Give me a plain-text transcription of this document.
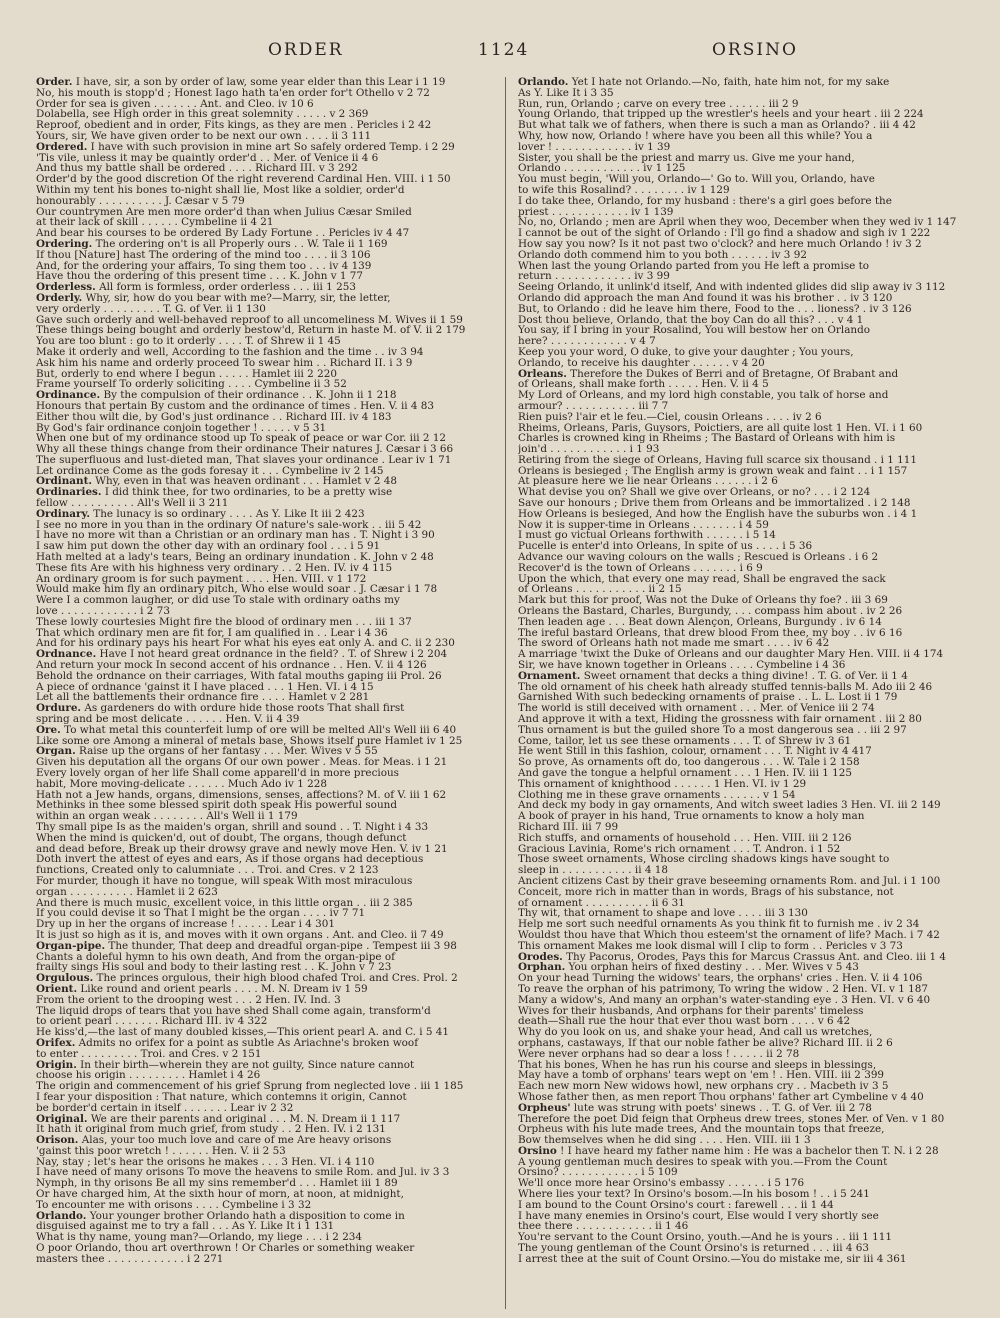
ORDER	1124	ORSINO
Order. I have, sir, a son by order of law, some year elder than this Lear i 1 19
No, his mouth is stopp'd ; Honest Iago hath ta'en order for't Othello v 2 72
Order for sea is given . . . . . . . Ant. and Cleo. iv 10 6
Dolabella, see High order in this great solemnity . . . . . v 2 369
Reproof, obedient and in order, Fits kings, as they are men . Pericles i 2 42
Yours, sir, We have given order to be next our own . . . . ii 3 111
Ordered. I have with such provision in mine art So safely ordered Temp. i 2 29
'Tis vile, unless it may be quaintly order'd . . Mer. of Venice ii 4 6
And thus my battle shall be ordered . . . . Richard III. v 3 292
Order'd by the good discretion Of the right reverend Cardinal Hen. VIII. i 1 50
Within my tent his bones to-night shall lie, Most like a soldier, order'd
honourably . . . . . . . . . . J. Cæsar v 5 79
Our countrymen Are men more order'd than when Julius Cæsar Smiled
at their lack of skill . . . . . . Cymbeline ii 4 21
And bear his courses to be ordered By Lady Fortune . . Pericles iv 4 47
Ordering. The ordering on't is all Properly ours . . W. Tale ii 1 169
If thou [Nature] hast The ordering of the mind too . . . . ii 3 106
And, for the ordering your affairs, To sing them too . . . iv 4 139
Have thou the ordering of this present time . . . K. John v 1 77
Orderless. All form is formless, order orderless . . . iii 1 253
Orderly. Why, sir, how do you bear with me?—Marry, sir, the letter,
very orderly . . . . . . . . . T. G. of Ver. ii 1 130
Gave such orderly and well-behaved reproof to all uncomeliness M. Wives ii 1 59
These things being bought and orderly bestow'd, Return in haste M. of V. ii 2 179
You are too blunt : go to it orderly . . . . T. of Shrew ii 1 45
Make it orderly and well, According to the fashion and the time . . iv 3 94
Ask him his name and orderly proceed To swear him . . Richard II. i 3 9
But, orderly to end where I begun . . . . . Hamlet iii 2 220
Frame yourself To orderly soliciting . . . . Cymbeline ii 3 52
Ordinance. By the compulsion of their ordinance . . K. John ii 1 218
Honours that pertain By custom and the ordinance of times . Hen. V. ii 4 83
Either thou wilt die, by God's just ordinance . . Richard III. iv 4 183
By God's fair ordinance conjoin together ! . . . . . v 5 31
When one but of my ordinance stood up To speak of peace or war Cor. iii 2 12
Why all these things change from their ordinance Their natures J. Cæsar i 3 66
The superfluous and lust-dieted man, That slaves your ordinance . Lear iv 1 71
Let ordinance Come as the gods foresay it . . . Cymbeline iv 2 145
Ordinant. Why, even in that was heaven ordinant . . . Hamlet v 2 48
Ordinaries. I did think thee, for two ordinaries, to be a pretty wise
fellow . . . . . . . . . . All's Well ii 3 211
Ordinary. The lunacy is so ordinary . . . . As Y. Like It iii 2 423
I see no more in you than in the ordinary Of nature's sale-work . . iii 5 42
I have no more wit than a Christian or an ordinary man has . T. Night i 3 90
I saw him put down the other day with an ordinary fool . . . i 5 91
Hath melted at a lady's tears, Being an ordinary inundation . K. John v 2 48
These fits Are with his highness very ordinary . . 2 Hen. IV. iv 4 115
An ordinary groom is for such payment . . . . Hen. VIII. v 1 172
Would make him fly an ordinary pitch, Who else would soar . J. Cæsar i 1 78
Were I a common laugher, or did use To stale with ordinary oaths my
love . . . . . . . . . . . . i 2 73
These lowly courtesies Might fire the blood of ordinary men . . . iii 1 37
That which ordinary men are fit for, I am qualified in . . Lear i 4 36
And for his ordinary pays his heart For what his eyes eat only A. and C. ii 2 230
Ordnance. Have I not heard great ordnance in the field? . T. of Shrew i 2 204
And return your mock In second accent of his ordnance . . Hen. V. ii 4 126
Behold the ordnance on their carriages, With fatal mouths gaping iii Prol. 26
A piece of ordnance 'gainst it I have placed . . . 1 Hen. VI. i 4 15
Let all the battlements their ordnance fire . . . . Hamlet v 2 281
Ordure. As gardeners do with ordure hide those roots That shall first
spring and be most delicate . . . . . . Hen. V. ii 4 39
Ore. To what metal this counterfeit lump of ore will be melted All's Well iii 6 40
Like some ore Among a mineral of metals base, Shows itself pure Hamlet iv 1 25
Organ. Raise up the organs of her fantasy . . . Mer. Wives v 5 55
Given his deputation all the organs Of our own power . Meas. for Meas. i 1 21
Every lovely organ of her life Shall come apparell'd in more precious
habit, More moving-delicate . . . . . . Much Ado iv 1 228
Hath not a Jew hands, organs, dimensions, senses, affections? M. of V. iii 1 62
Methinks in thee some blessed spirit doth speak His powerful sound
within an organ weak . . . . . . . . All's Well ii 1 179
Thy small pipe Is as the maiden's organ, shrill and sound . . T. Night i 4 33
When the mind is quicken'd, out of doubt, The organs, though defunct
and dead before, Break up their drowsy grave and newly move Hen. V. iv 1 21
Doth invert the attest of eyes and ears, As if those organs had deceptious
functions, Created only to calumniate . . . Troi. and Cres. v 2 123
For murder, though it have no tongue, will speak With most miraculous
organ . . . . . . . . . . Hamlet ii 2 623
And there is much music, excellent voice, in this little organ . . iii 2 385
If you could devise it so That I might be the organ . . . . iv 7 71
Dry up in her the organs of increase ! . . . . . Lear i 4 301
It is just so high as it is, and moves with it own organs . Ant. and Cleo. ii 7 49
Organ-pipe. The thunder, That deep and dreadful organ-pipe . Tempest iii 3 98
Chants a doleful hymn to his own death, And from the organ-pipe of
frailty sings His soul and body to their lasting rest . . K. John v 7 23
Orgulous. The princes orgulous, their high blood chafed Troi. and Cres. Prol. 2
Orient. Like round and orient pearls . . . . M. N. Dream iv 1 59
From the orient to the drooping west . . . 2 Hen. IV. Ind. 3
The liquid drops of tears that you have shed Shall come again, transform'd
to orient pearl . . . . . . . Richard III. iv 4 322
He kiss'd,—the last of many doubled kisses,—This orient pearl A. and C. i 5 41
Orifex. Admits no orifex for a point as subtle As Ariachne's broken woof
to enter . . . . . . . . . Troi. and Cres. v 2 151
Origin. In their birth—wherein they are not guilty, Since nature cannot
choose his origin . . . . . . . . . Hamlet i 4 26
The origin and commencement of his grief Sprung from neglected love . iii 1 185
I fear your disposition : That nature, which contemns it origin, Cannot
be border'd certain in itself . . . . . . . Lear iv 2 32
Original. We are their parents and original . . . M. N. Dream ii 1 117
It hath it original from much grief, from study . . 2 Hen. IV. i 2 131
Orison. Alas, your too much love and care of me Are heavy orisons
'gainst this poor wretch ! . . . . . . Hen. V. ii 2 53
Nay, stay ; let's hear the orisons he makes . . . 3 Hen. VI. i 4 110
I have need of many orisons To move the heavens to smile Rom. and Jul. iv 3 3
Nymph, in thy orisons Be all my sins remember'd . . . Hamlet iii 1 89
Or have charged him, At the sixth hour of morn, at noon, at midnight,
To encounter me with orisons . . . . Cymbeline i 3 32
Orlando. Your younger brother Orlando hath a disposition to come in
disguised against me to try a fall . . . As Y. Like It i 1 131
What is thy name, young man?—Orlando, my liege . . . i 2 234
O poor Orlando, thou art overthrown ! Or Charles or something weaker
masters thee . . . . . . . . . . . . i 2 271
Orlando. Yet I hate not Orlando.—No, faith, hate him not, for my sake
As Y. Like It i 3 35
Run, run, Orlando ; carve on every tree . . . . . . iii 2 9
Young Orlando, that tripped up the wrestler's heels and your heart . iii 2 224
But what talk we of fathers, when there is such a man as Orlando? . iii 4 42
Why, how now, Orlando ! where have you been all this while? You a
lover ! . . . . . . . . . . . . iv 1 39
Sister, you shall be the priest and marry us. Give me your hand,
Orlando . . . . . . . . . . . . iv 1 125
You must begin, 'Will you, Orlando—' Go to. Will you, Orlando, have
to wife this Rosalind? . . . . . . . . iv 1 129
I do take thee, Orlando, for my husband : there's a girl goes before the
priest . . . . . . . . . . . . iv 1 139
No, no, Orlando ; men are April when they woo, December when they wed iv 1 147
I cannot be out of the sight of Orlando : I'll go find a shadow and sigh iv 1 222
How say you now? Is it not past two o'clock? and here much Orlando ! iv 3 2
Orlando doth commend him to you both . . . . . . iv 3 92
When last the young Orlando parted from you He left a promise to
return . . . . . . . . . . . . iv 3 99
Seeing Orlando, it unlink'd itself, And with indented glides did slip away iv 3 112
Orlando did approach the man And found it was his brother . . iv 3 120
But, to Orlando : did he leave him there, Food to the . . . lioness? . iv 3 126
Dost thou believe, Orlando, that the boy Can do all this? . . . v 4 1
You say, if I bring in your Rosalind, You will bestow her on Orlando
here? . . . . . . . . . . . . v 4 7
Keep you your word, O duke, to give your daughter ; You yours,
Orlando, to receive his daughter . . . . . . v 4 20
Orleans. Therefore the Dukes of Berri and of Bretagne, Of Brabant and
of Orleans, shall make forth . . . . . Hen. V. ii 4 5
My Lord of Orleans, and my lord high constable, you talk of horse and
armour? . . . . . . . . . . . iii 7 7
Rien puis? l'air et le feu.—Ciel, cousin Orleans . . . . iv 2 6
Rheims, Orleans, Paris, Guysors, Poictiers, are all quite lost 1 Hen. VI. i 1 60
Charles is crowned king in Rheims ; The Bastard of Orleans with him is
join'd . . . . . . . . . . . . i 1 93
Retiring from the siege of Orleans, Having full scarce six thousand . i 1 111
Orleans is besieged ; The English army is grown weak and faint . . i 1 157
At pleasure here we lie near Orleans . . . . . . i 2 6
What devise you on? Shall we give over Orleans, or no? . . . i 2 124
Save our honours ; Drive them from Orleans and be immortalized . i 2 148
How Orleans is besieged, And how the English have the suburbs won . i 4 1
Now it is supper-time in Orleans . . . . . . . i 4 59
I must go victual Orleans forthwith . . . . . . i 5 14
Pucelle is enter'd into Orleans, In spite of us . . . . i 5 36
Advance our waving colours on the walls ; Rescued is Orleans . i 6 2
Recover'd is the town of Orleans . . . . . . . i 6 9
Upon the which, that every one may read, Shall be engraved the sack
of Orleans . . . . . . . . . . . ii 2 15
Mark but this for proof, Was not the Duke of Orleans thy foe? . iii 3 69
Orleans the Bastard, Charles, Burgundy, . . . compass him about . iv 2 26
Then leaden age . . . Beat down Alençon, Orleans, Burgundy . iv 6 14
The ireful bastard Orleans, that drew blood From thee, my boy . . iv 6 16
The sword of Orleans hath not made me smart . . . . iv 6 42
A marriage 'twixt the Duke of Orleans and our daughter Mary Hen. VIII. ii 4 174
Sir, we have known together in Orleans . . . . Cymbeline i 4 36
Ornament. Sweet ornament that decks a thing divine! . T. G. of Ver. ii 1 4
The old ornament of his cheek hath already stuffed tennis-balls M. Ado iii 2 46
Garnished With such bedecking ornaments of praise . . L. L. Lost ii 1 79
The world is still deceived with ornament . . . Mer. of Venice iii 2 74
And approve it with a text, Hiding the grossness with fair ornament . iii 2 80
Thus ornament is but the guiled shore To a most dangerous sea . . iii 2 97
Come, tailor, let us see these ornaments . . . T. of Shrew iv 3 61
He went Still in this fashion, colour, ornament . . . T. Night iv 4 417
So prove, As ornaments oft do, too dangerous . . . W. Tale i 2 158
And gave the tongue a helpful ornament . . . 1 Hen. IV. iii 1 125
This ornament of knighthood . . . . . . 1 Hen. VI. iv 1 29
Clothing me in these grave ornaments . . . . . . v 1 54
And deck my body in gay ornaments, And witch sweet ladies 3 Hen. VI. iii 2 149
A book of prayer in his hand, True ornaments to know a holy man
Richard III. iii 7 99
Rich stuffs, and ornaments of household . . . Hen. VIII. iii 2 126
Gracious Lavinia, Rome's rich ornament . . . T. Andron. i 1 52
Those sweet ornaments, Whose circling shadows kings have sought to
sleep in . . . . . . . . . . . ii 4 18
Ancient citizens Cast by their grave beseeming ornaments Rom. and Jul. i 1 100
Conceit, more rich in matter than in words, Brags of his substance, not
of ornament . . . . . . . . . . ii 6 31
Thy wit, that ornament to shape and love . . . . iii 3 130
Help me sort such needful ornaments As you think fit to furnish me . iv 2 34
Wouldst thou have that Which thou esteem'st the ornament of life? Mach. i 7 42
This ornament Makes me look dismal will I clip to form . . Pericles v 3 73
Orodes. Thy Pacorus, Orodes, Pays this for Marcus Crassus Ant. and Cleo. iii 1 4
Orphan. You orphan heirs of fixed destiny . . . Mer. Wives v 5 43
On your head Turning the widows' tears, the orphans' cries . Hen. V. ii 4 106
To reave the orphan of his patrimony, To wring the widow . 2 Hen. VI. v 1 187
Many a widow's, And many an orphan's water-standing eye . 3 Hen. VI. v 6 40
Wives for their husbands, And orphans for their parents' timeless
death—Shall rue the hour that ever thou wast born . . . . v 6 42
Why do you look on us, and shake your head, And call us wretches,
orphans, castaways, If that our noble father be alive? Richard III. ii 2 6
Were never orphans had so dear a loss ! . . . . . ii 2 78
That his bones, When he has run his course and sleeps in blessings,
May have a tomb of orphans' tears wept on 'em ! . Hen. VIII. iii 2 399
Each new morn New widows howl, new orphans cry . . Macbeth iv 3 5
Whose father then, as men report Thou orphans' father art Cymbeline v 4 40
Orpheus' lute was strung with poets' sinews . . T. G. of Ver. iii 2 78
Therefore the poet Did feign that Orpheus drew trees, stones Mer. of Ven. v 1 80
Orpheus with his lute made trees, And the mountain tops that freeze,
Bow themselves when he did sing . . . . Hen. VIII. iii 1 3
Orsino ! I have heard my father name him : He was a bachelor then T. N. i 2 28
A young gentleman much desires to speak with you.—From the Count
Orsino? . . . . . . . . . . . . i 5 109
We'll once more hear Orsino's embassy . . . . . . i 5 176
Where lies your text? In Orsino's bosom.—In his bosom ! . . i 5 241
I am bound to the Count Orsino's court : farewell . . . ii 1 44
I have many enemies in Orsino's court, Else would I very shortly see
thee there . . . . . . . . . . . . ii 1 46
You're servant to the Count Orsino, youth.—And he is yours . . iii 1 111
The young gentleman of the Count Orsino's is returned . . . iii 4 63
I arrest thee at the suit of Count Orsino.—You do mistake me, sir iii 4 361
